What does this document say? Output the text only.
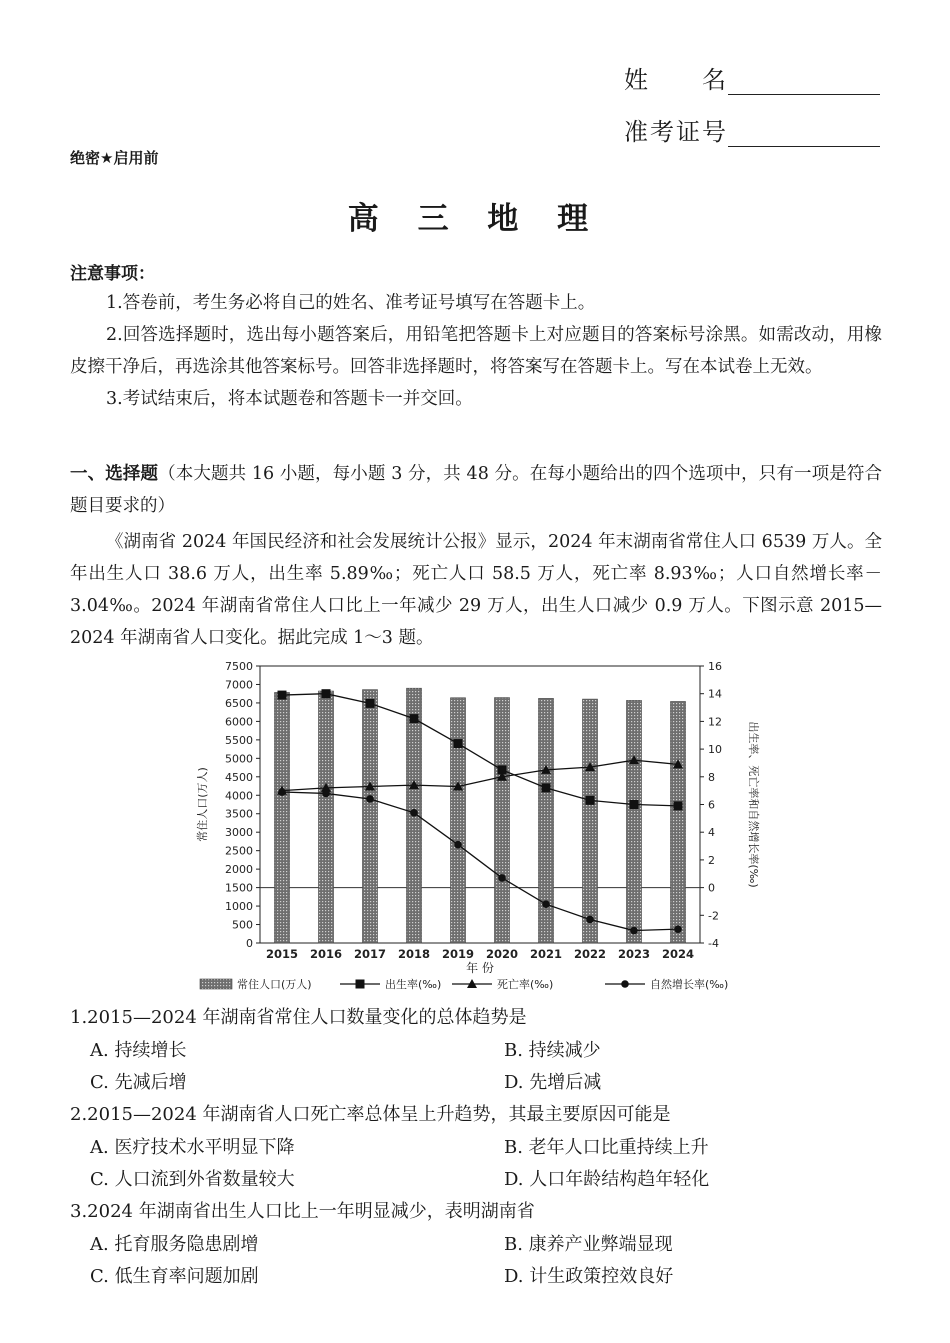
姓　　名
准考证号
绝密★启用前
高 三 地 理
注意事项：
1.答卷前，考生务必将自己的姓名、准考证号填写在答题卡上。
2.回答选择题时，选出每小题答案后，用铅笔把答题卡上对应题目的答案标号涂黑。如需改动，用橡皮擦干净后，再选涂其他答案标号。回答非选择题时，将答案写在答题卡上。写在本试卷上无效。
3.考试结束后，将本试题卷和答题卡一并交回。
一、选择题（本大题共 16 小题，每小题 3 分，共 48 分。在每小题给出的四个选项中，只有一项是符合题目要求的）
《湖南省 2024 年国民经济和社会发展统计公报》显示，2024 年末湖南省常住人口 6539 万人。全年出生人口 38.6 万人，出生率 5.89‰；死亡人口 58.5 万人，死亡率 8.93‰；人口自然增长率－3.04‰。2024 年湖南省常住人口比上一年减少 29 万人，出生人口减少 0.9 万人。下图示意 2015—2024 年湖南省人口变化。据此完成 1～3 题。
0
500
1000
1500
2000
2500
3000
3500
4000
4500
5000
5500
6000
6500
7000
7500
-4
-2
0
2
4
6
8
10
12
14
16
2015 2016 2017 2018 2019 2020 2021 2022 2023 2024
年 份
常住人口(万人)	出生率、死亡率和自然增长率(‰)
常住人口(万人)	出生率(‰)	死亡率(‰)	自然增长率(‰)
1.2015—2024 年湖南省常住人口数量变化的总体趋势是
A. 持续增长	B. 持续减少
C. 先减后增	D. 先增后减
2.2015—2024 年湖南省人口死亡率总体呈上升趋势，其最主要原因可能是
A. 医疗技术水平明显下降	B. 老年人口比重持续上升
C. 人口流到外省数量较大	D. 人口年龄结构趋年轻化
3.2024 年湖南省出生人口比上一年明显减少，表明湖南省
A. 托育服务隐患剧增	B. 康养产业弊端显现
C. 低生育率问题加剧	D. 计生政策控效良好
